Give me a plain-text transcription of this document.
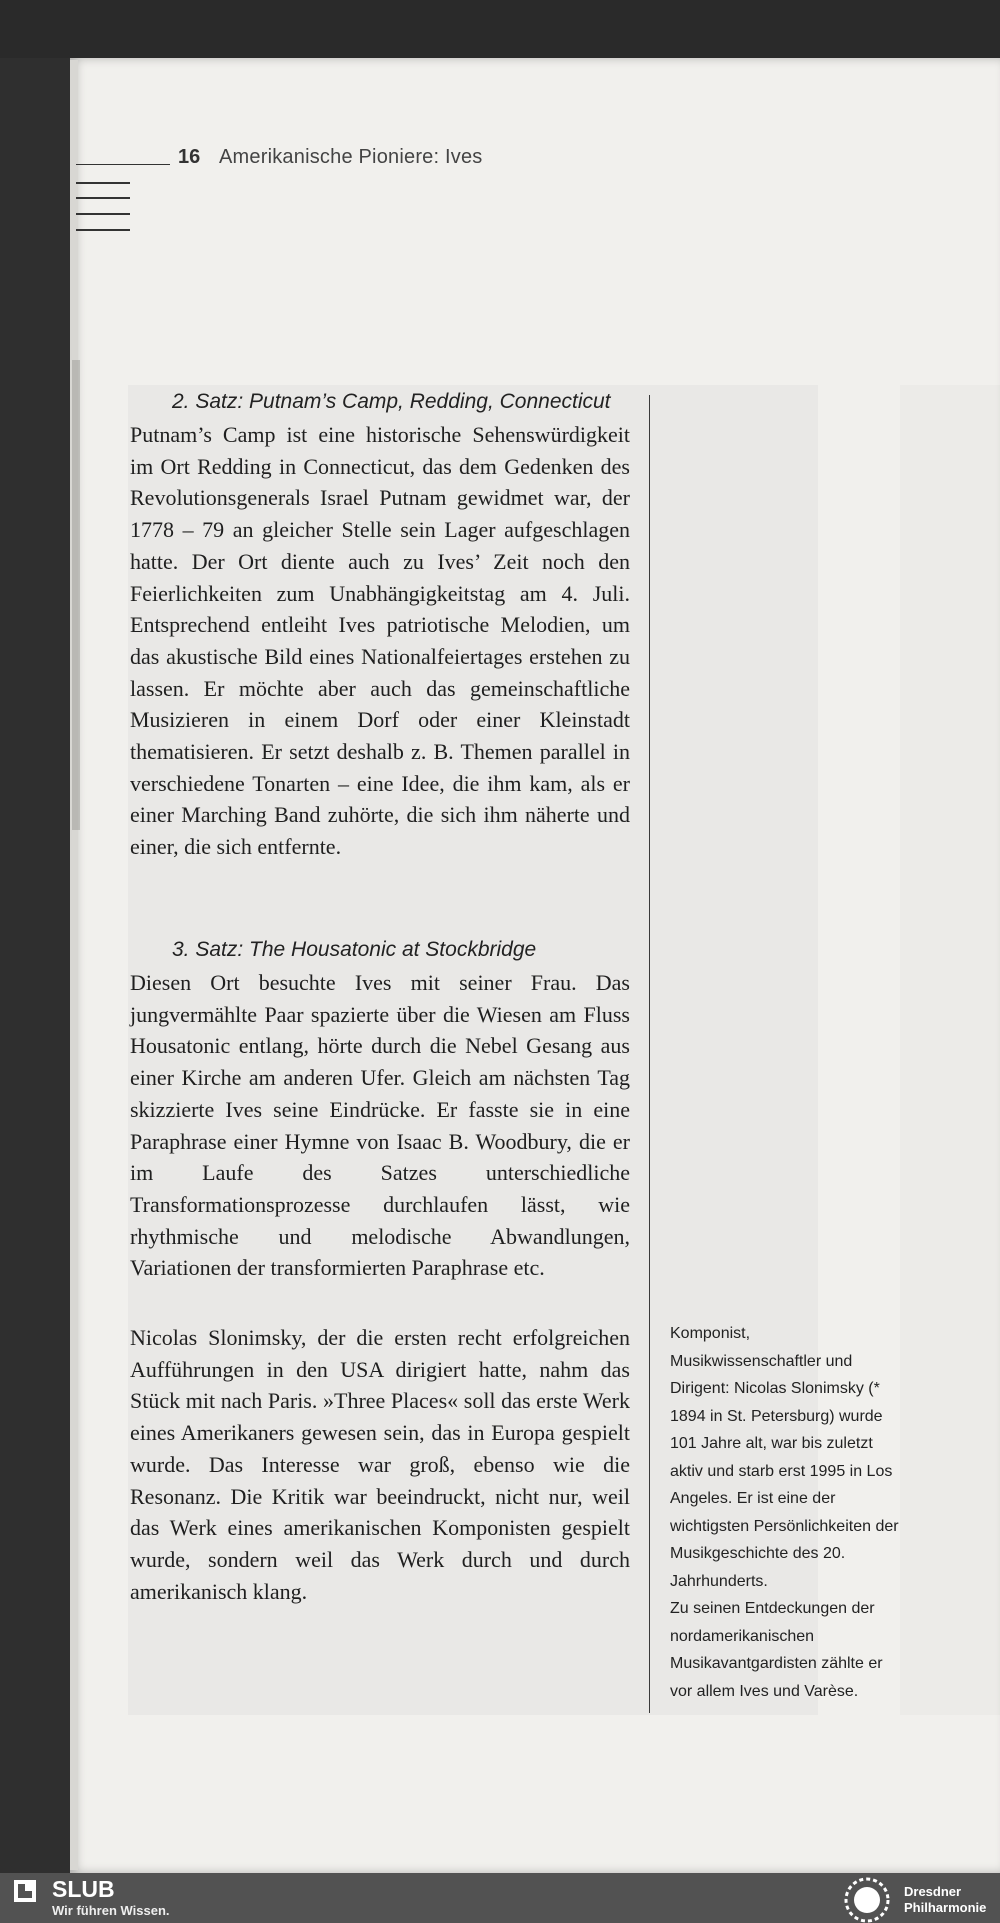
16 Amerikanische Pioniere: Ives
2. Satz: Putnam’s Camp, Redding, Connecticut
Putnam’s Camp ist eine historische Sehenswürdigkeit im Ort Redding in Connecticut, das dem Gedenken des Revolutionsgenerals Israel Putnam gewidmet war, der 1778 – 79 an gleicher Stelle sein Lager aufgeschlagen hatte. Der Ort diente auch zu Ives’ Zeit noch den Feierlichkeiten zum Unabhängigkeitstag am 4. Juli. Entsprechend entleiht Ives patriotische Melodien, um das akustische Bild eines Nationalfeiertages erstehen zu lassen. Er möchte aber auch das gemeinschaftliche Musizieren in einem Dorf oder einer Kleinstadt thematisieren. Er setzt deshalb z. B. Themen parallel in verschiedene Tonarten – eine Idee, die ihm kam, als er einer Marching Band zuhörte, die sich ihm näherte und einer, die sich entfernte.
3. Satz: The Housatonic at Stockbridge
Diesen Ort besuchte Ives mit seiner Frau. Das jungvermählte Paar spazierte über die Wiesen am Fluss Housatonic entlang, hörte durch die Nebel Gesang aus einer Kirche am anderen Ufer. Gleich am nächsten Tag skizzierte Ives seine Eindrücke. Er fasste sie in eine Paraphrase einer Hymne von Isaac B. Woodbury, die er im Laufe des Satzes unterschiedliche Transformationsprozesse durchlaufen lässt, wie rhythmische und melodische Abwandlungen, Variationen der transformierten Paraphrase etc.
Nicolas Slonimsky, der die ersten recht erfolgreichen Aufführungen in den USA dirigiert hatte, nahm das Stück mit nach Paris. »Three Places« soll das erste Werk eines Amerikaners gewesen sein, das in Europa gespielt wurde. Das Interesse war groß, ebenso wie die Resonanz. Die Kritik war beeindruckt, nicht nur, weil das Werk eines amerikanischen Komponisten gespielt wurde, sondern weil das Werk durch und durch amerikanisch klang.

Komponist, Musikwissenschaftler und Dirigent: Nicolas Slonimsky (* 1894 in St. Petersburg) wurde 101 Jahre alt, war bis zuletzt aktiv und starb erst 1995 in Los Angeles. Er ist eine der wichtigsten Persönlichkeiten der Musikgeschichte des 20. Jahrhunderts.

Zu seinen Entdeckungen der nordamerikanischen Musikavantgardisten zählte er vor allem Ives und Varèse.

SLUB
Wir führen Wissen.
Dresdner
Philharmonie
